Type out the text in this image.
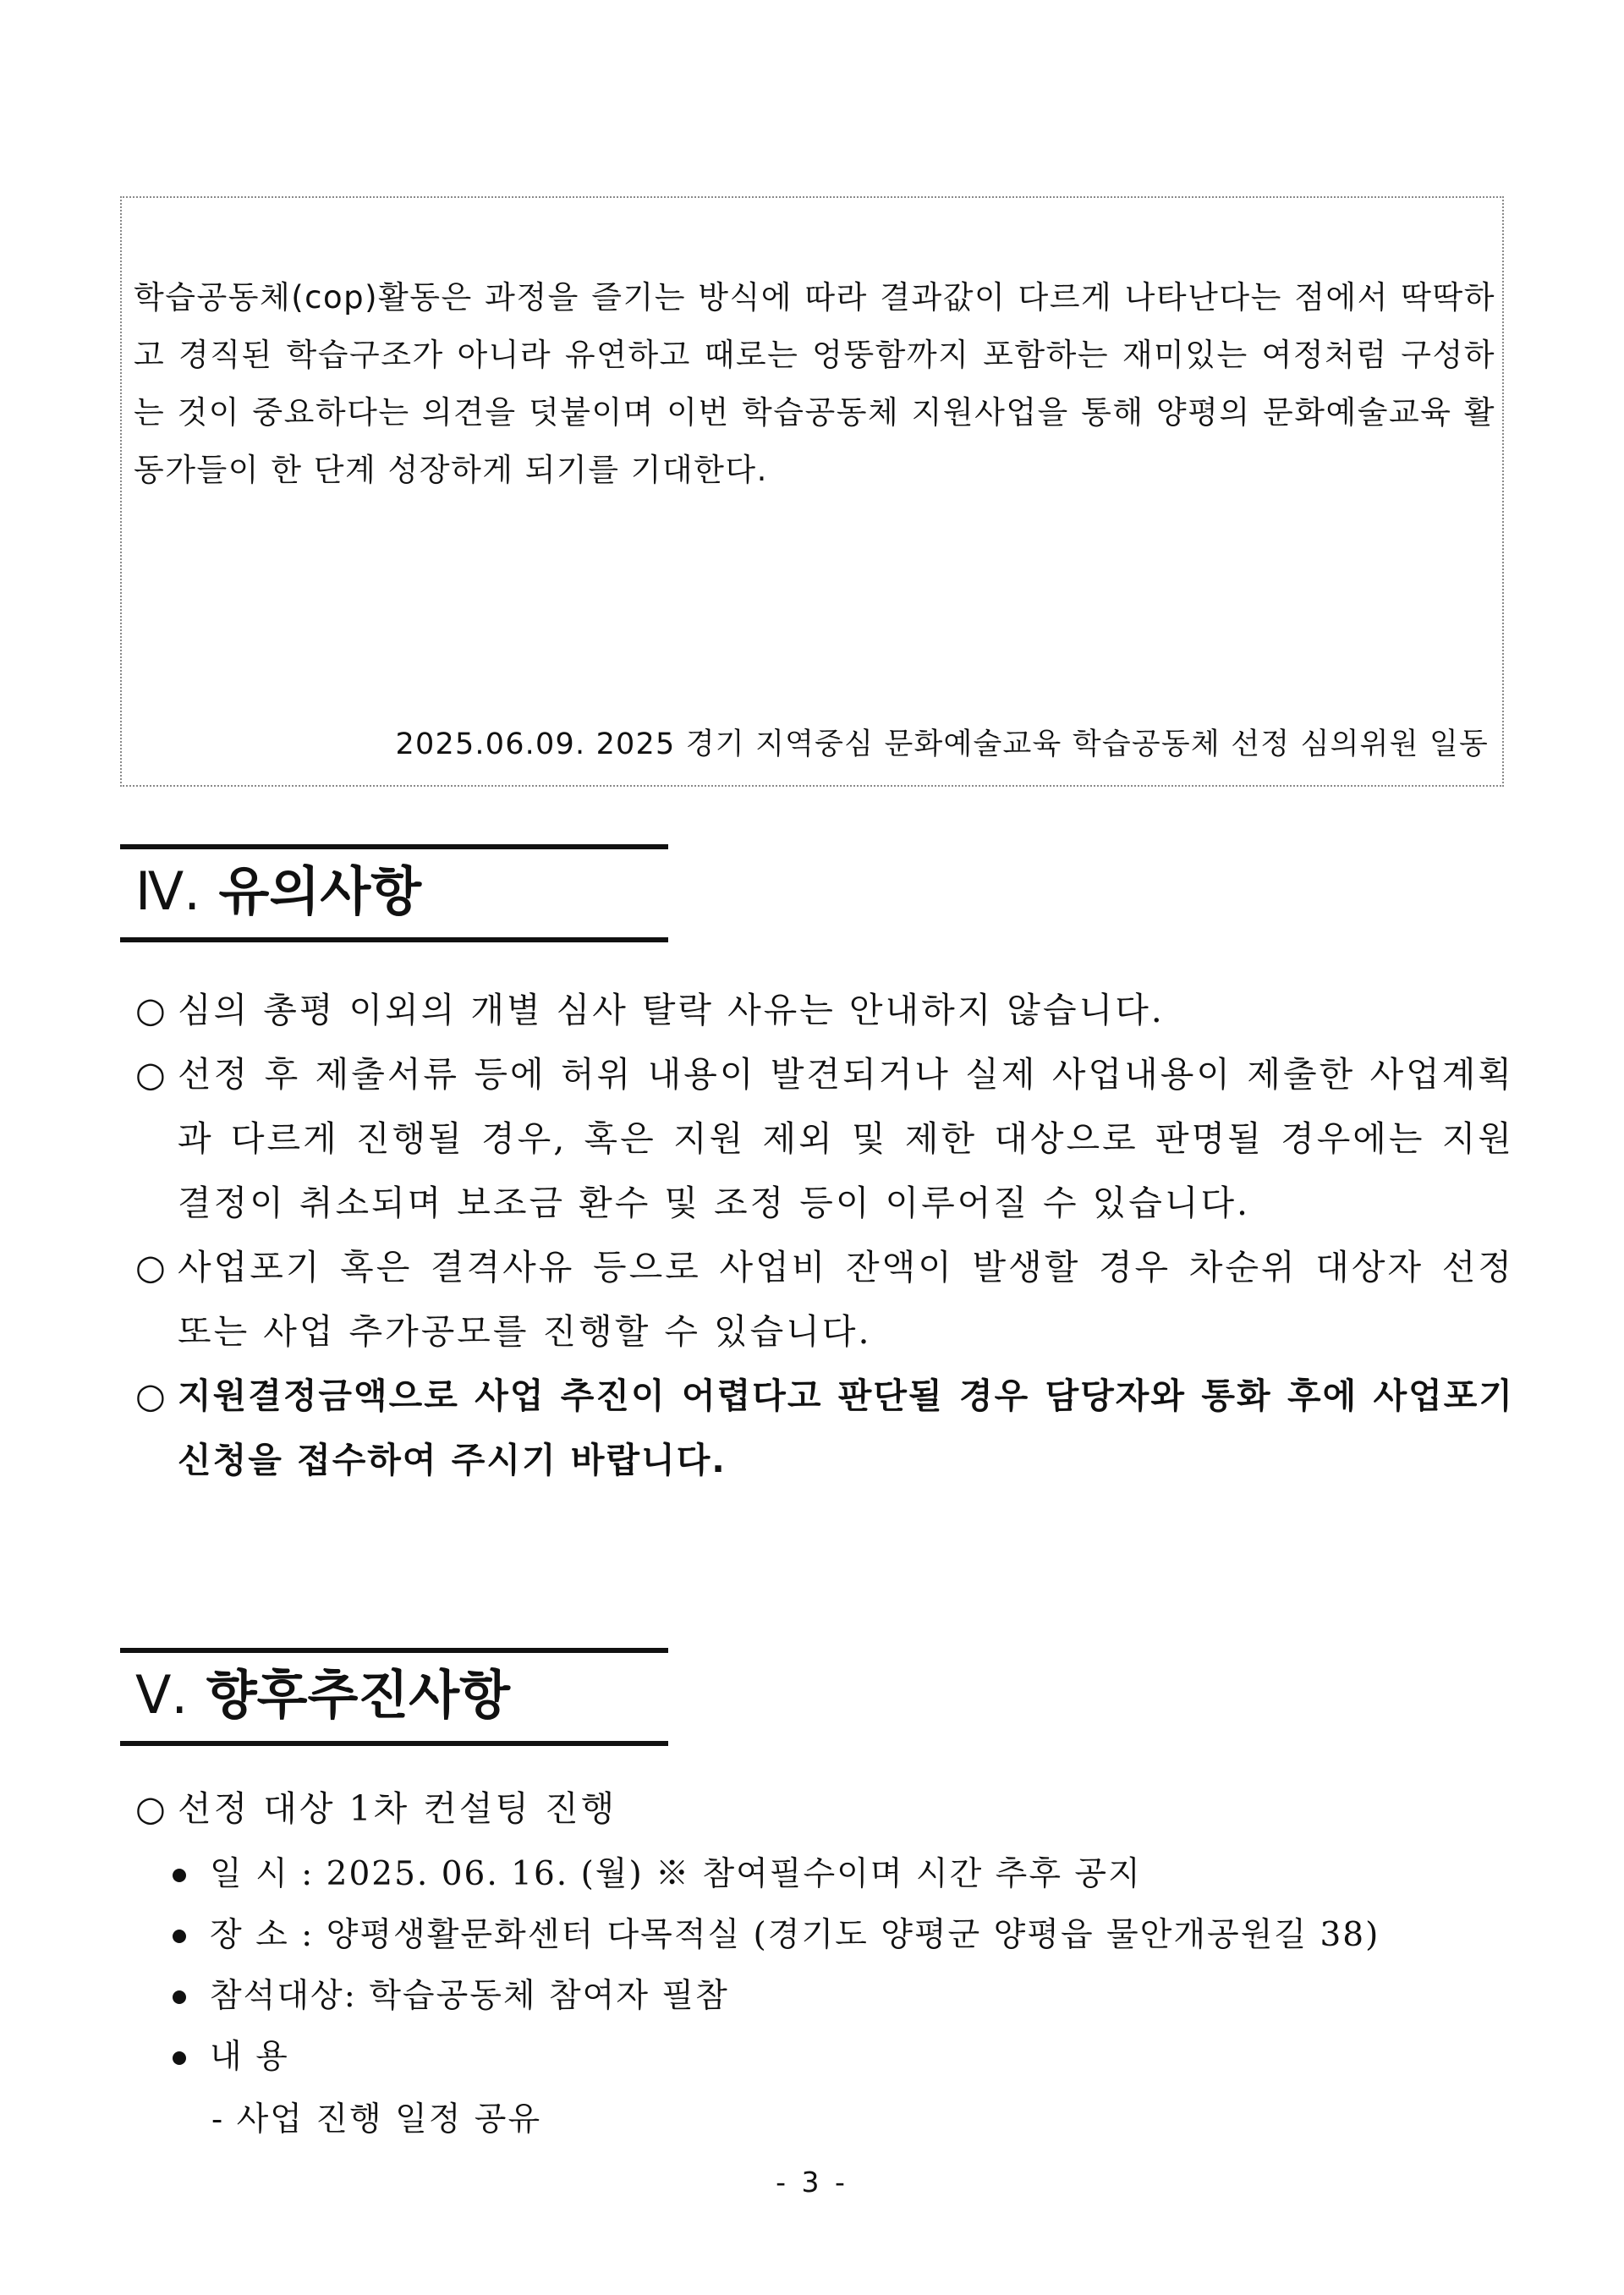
학습공동체(cop)활동은 과정을 즐기는 방식에 따라 결과값이 다르게 나타난다는 점에서 딱딱하고 경직된 학습구조가 아니라 유연하고 때로는 엉뚱함까지 포함하는 재미있는 여정처럼 구성하는 것이 중요하다는 의견을 덧붙이며 이번 학습공동체 지원사업을 통해 양평의 문화예술교육 활동가들이 한 단계 성장하게 되기를 기대한다.

2025.06.09. 2025 경기 지역중심 문화예술교육 학습공동체 선정 심의위원 일동
Ⅳ. 유의사항
○ 심의 총평 이외의 개별 심사 탈락 사유는 안내하지 않습니다.
○ 선정 후 제출서류 등에 허위 내용이 발견되거나 실제 사업내용이 제출한 사업계획과 다르게 진행될 경우, 혹은 지원 제외 및 제한 대상으로 판명될 경우에는 지원 결정이 취소되며 보조금 환수 및 조정 등이 이루어질 수 있습니다.
○ 사업포기 혹은 결격사유 등으로 사업비 잔액이 발생할 경우 차순위 대상자 선정 또는 사업 추가공모를 진행할 수 있습니다.
○ 지원결정금액으로 사업 추진이 어렵다고 판단될 경우 담당자와 통화 후에 사업포기 신청을 접수하여 주시기 바랍니다.
Ⅴ. 향후추진사항
○ 선정 대상 1차 컨설팅 진행
일 시 : 2025. 06. 16. (월) ※ 참여필수이며 시간 추후 공지
장 소 : 양평생활문화센터 다목적실 (경기도 양평군 양평읍 물안개공원길 38)
참석대상: 학습공동체 참여자 필참
내 용
- 사업 진행 일정 공유
- 3 -
